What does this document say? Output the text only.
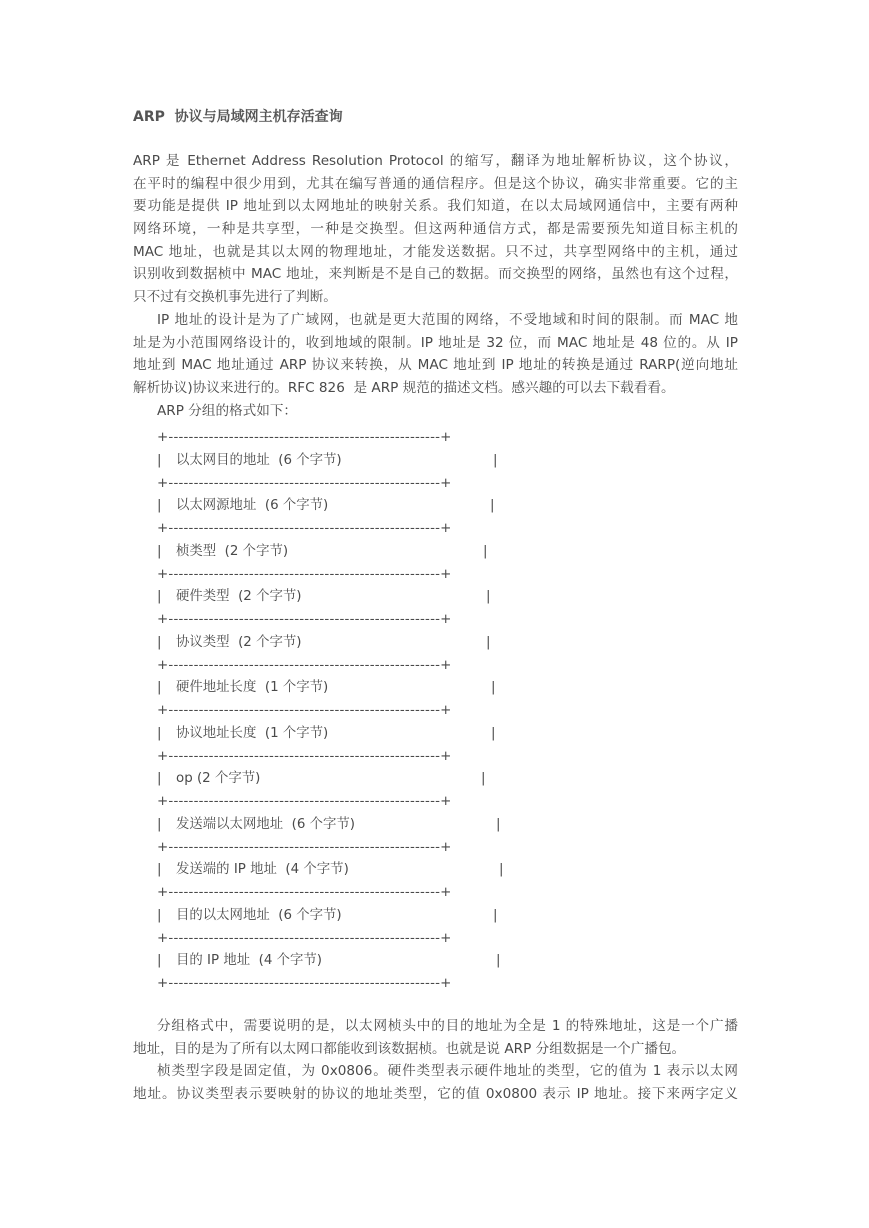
ARP  协议与局域网主机存活查询
ARP 是 Ethernet Address Resolution Protocol 的缩写，翻译为地址解析协议，这个协议，
在平时的编程中很少用到，尤其在编写普通的通信程序。但是这个协议，确实非常重要。它的主
要功能是提供 IP 地址到以太网地址的映射关系。我们知道，在以太局域网通信中，主要有两种
网络环境，一种是共享型，一种是交换型。但这两种通信方式，都是需要预先知道目标主机的
MAC 地址，也就是其以太网的物理地址，才能发送数据。只不过，共享型网络中的主机，通过
识别收到数据桢中 MAC 地址，来判断是不是自己的数据。而交换型的网络，虽然也有这个过程，
只不过有交换机事先进行了判断。
IP 地址的设计是为了广域网，也就是更大范围的网络，不受地域和时间的限制。而 MAC 地
址是为小范围网络设计的，收到地域的限制。IP 地址是 32 位，而 MAC 地址是 48 位的。从 IP
地址到 MAC 地址通过 ARP 协议来转换，从 MAC 地址到 IP 地址的转换是通过 RARP(逆向地址
解析协议)协议来进行的。RFC 826  是 ARP 规范的描述文档。感兴趣的可以去下载看看。
ARP 分组的格式如下：
+------------------------------------------------------+

|

以太网目的地址  (6 个字节)

	|

+------------------------------------------------------+

|

以太网源地址  (6 个字节)

	|

+------------------------------------------------------+

|

桢类型  (2 个字节)

	|

+------------------------------------------------------+

|

硬件类型  (2 个字节)

	|

+------------------------------------------------------+

|

协议类型  (2 个字节)

	|

+------------------------------------------------------+

|

硬件地址长度  (1 个字节)

	|

+------------------------------------------------------+

|

协议地址长度  (1 个字节)

	|

+------------------------------------------------------+

|

op (2 个字节)

	|

+------------------------------------------------------+

|

发送端以太网地址  (6 个字节)

	|

+------------------------------------------------------+

|

发送端的 IP 地址  (4 个字节)

	|

+------------------------------------------------------+

|

目的以太网地址  (6 个字节)

	|

+------------------------------------------------------+

|

目的 IP 地址  (4 个字节)

	|

+------------------------------------------------------+
分组格式中，需要说明的是，以太网桢头中的目的地址为全是 1 的特殊地址，这是一个广播
地址，目的是为了所有以太网口都能收到该数据桢。也就是说 ARP 分组数据是一个广播包。
桢类型字段是固定值，为 0x0806。硬件类型表示硬件地址的类型，它的值为 1 表示以太网
地址。协议类型表示要映射的协议的地址类型，它的值 0x0800 表示 IP 地址。接下来两字定义
